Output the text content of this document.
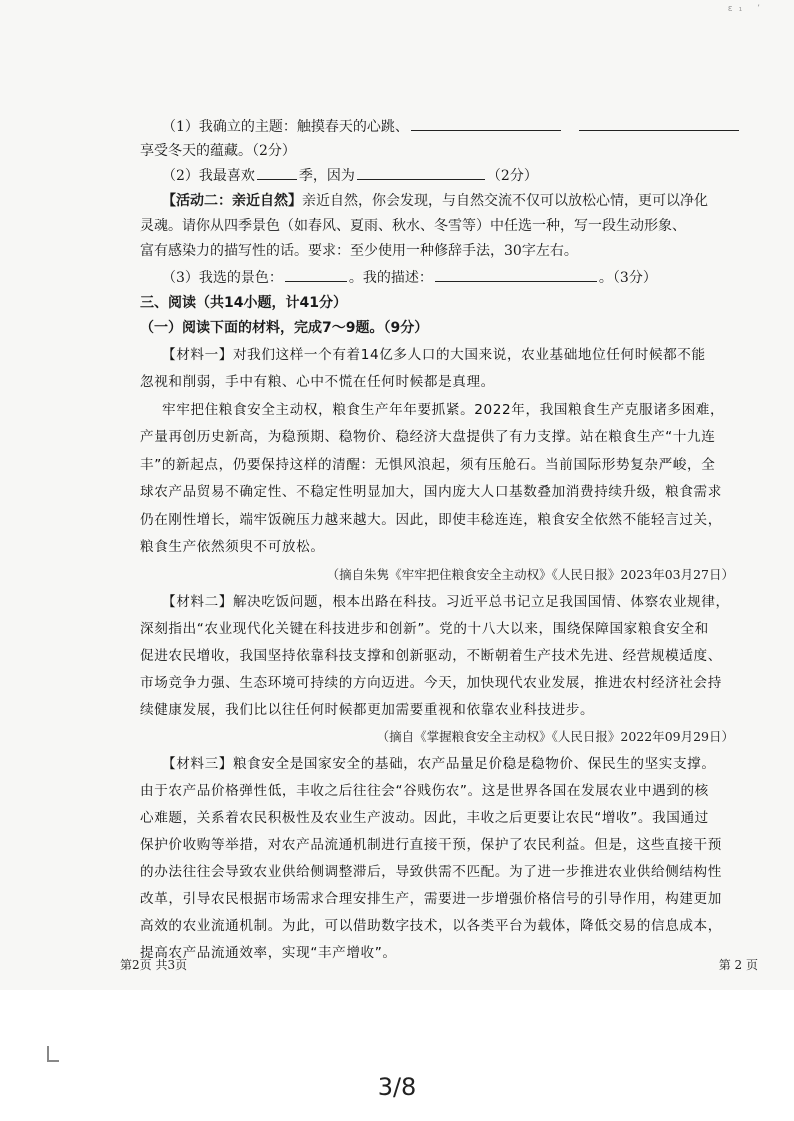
ε₁ ʼ
（1）我确立的主题：触摸春天的心跳、
享受冬天的蕴藏。（2分）
（2）我最喜欢	季，因为	（2分）
【活动二：亲近自然】亲近自然，你会发现，与自然交流不仅可以放松心情，更可以净化
灵魂。请你从四季景色（如春风、夏雨、秋水、冬雪等）中任选一种，写一段生动形象、
富有感染力的描写性的话。要求：至少使用一种修辞手法，30字左右。
（3）我选的景色：	。我的描述：	。（3分）
三、阅读（共14小题，计41分）
（一）阅读下面的材料，完成7～9题。（9分）
【材料一】对我们这样一个有着14亿多人口的大国来说，农业基础地位任何时候都不能
忽视和削弱，手中有粮、心中不慌在任何时候都是真理。
牢牢把住粮食安全主动权，粮食生产年年要抓紧。2022年，我国粮食生产克服诸多困难，
产量再创历史新高，为稳预期、稳物价、稳经济大盘提供了有力支撑。站在粮食生产“十九连
丰”的新起点，仍要保持这样的清醒：无惧风浪起，须有压舱石。当前国际形势复杂严峻，全
球农产品贸易不确定性、不稳定性明显加大，国内庞大人口基数叠加消费持续升级，粮食需求
仍在刚性增长，端牢饭碗压力越来越大。因此，即使丰稔连连，粮食安全依然不能轻言过关，
粮食生产依然须臾不可放松。
（摘自朱隽《牢牢把住粮食安全主动权》《人民日报》2023年03月27日）
【材料二】解决吃饭问题，根本出路在科技。习近平总书记立足我国国情、体察农业规律，
深刻指出“农业现代化关键在科技进步和创新”。党的十八大以来，围绕保障国家粮食安全和
促进农民增收，我国坚持依靠科技支撑和创新驱动，不断朝着生产技术先进、经营规模适度、
市场竞争力强、生态环境可持续的方向迈进。今天，加快现代农业发展，推进农村经济社会持
续健康发展，我们比以往任何时候都更加需要重视和依靠农业科技进步。
（摘自《掌握粮食安全主动权》《人民日报》2022年09月29日）
【材料三】粮食安全是国家安全的基础，农产品量足价稳是稳物价、保民生的坚实支撑。
由于农产品价格弹性低，丰收之后往往会“谷贱伤农”。这是世界各国在发展农业中遇到的核
心难题，关系着农民积极性及农业生产波动。因此，丰收之后更要让农民“增收”。我国通过
保护价收购等举措，对农产品流通机制进行直接干预，保护了农民利益。但是，这些直接干预
的办法往往会导致农业供给侧调整滞后，导致供需不匹配。为了进一步推进农业供给侧结构性
改革，引导农民根据市场需求合理安排生产，需要进一步增强价格信号的引导作用，构建更加
高效的农业流通机制。为此，可以借助数字技术，以各类平台为载体，降低交易的信息成本，
提高农产品流通效率，实现“丰产增收”。
第2页 共3页	第 2 页
3/8
